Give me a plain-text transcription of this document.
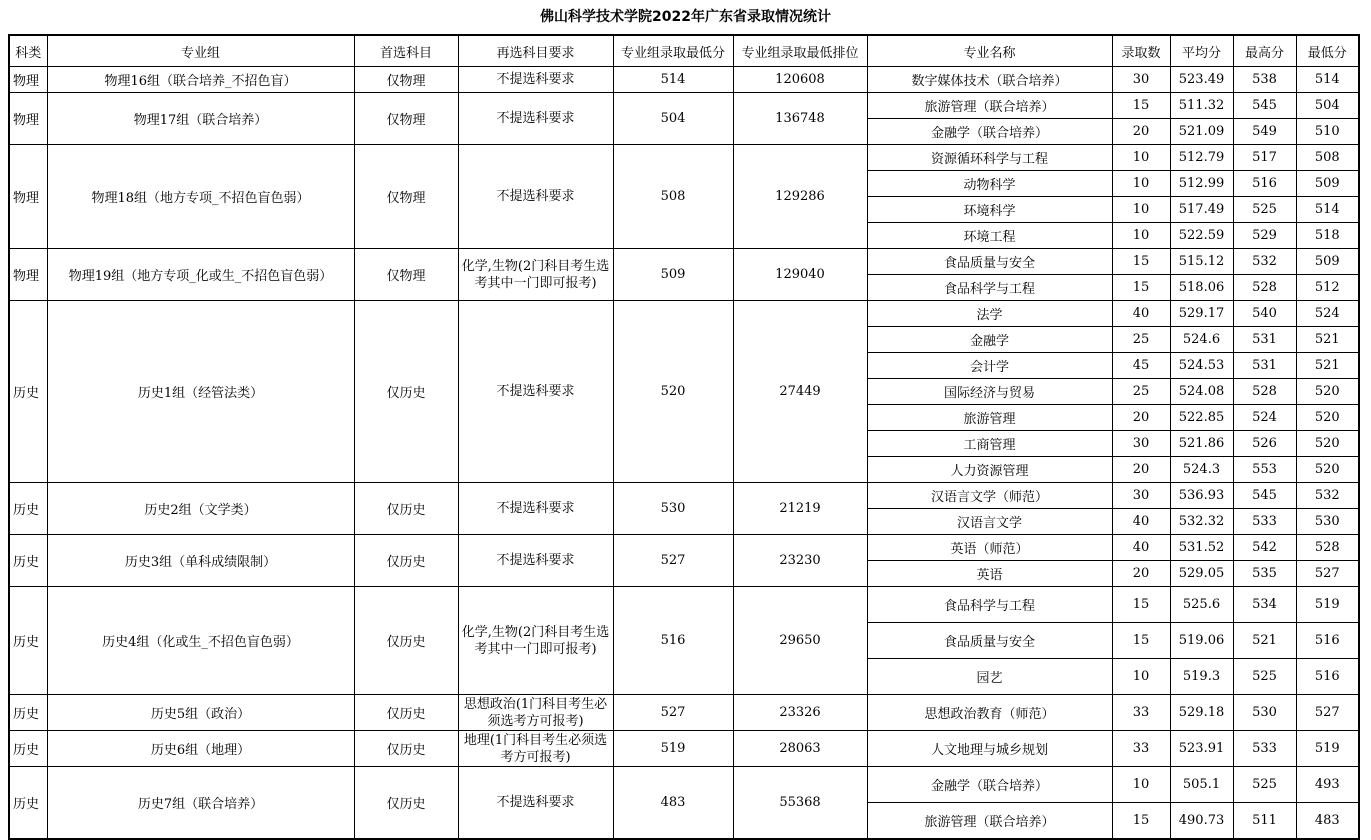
佛山科学技术学院2022年广东省录取情况统计
科类	专业组	首选科目	再选科目要求	专业组录取最低分	专业组录取最低排位	专业名称	录取数	平均分	最高分	最低分
物理	物理16组（联合培养_不招色盲）	仅物理	不提选科要求	514	120608	数字媒体技术（联合培养）	30	523.49	538	514
物理	物理17组（联合培养）	仅物理	不提选科要求	504	136748	旅游管理（联合培养）	15	511.32	545	504
						金融学（联合培养）	20	521.09	549	510
物理	物理18组（地方专项_不招色盲色弱）	仅物理	不提选科要求	508	129286	资源循环科学与工程	10	512.79	517	508
						动物科学	10	512.99	516	509
						环境科学	10	517.49	525	514
						环境工程	10	522.59	529	518
物理	物理19组（地方专项_化或生_不招色盲色弱）	仅物理	化学,生物(2门科目考生选考其中一门即可报考)	509	129040	食品质量与安全	15	515.12	532	509
						食品科学与工程	15	518.06	528	512
历史	历史1组（经管法类）	仅历史	不提选科要求	520	27449	法学	40	529.17	540	524
						金融学	25	524.6	531	521
						会计学	45	524.53	531	521
						国际经济与贸易	25	524.08	528	520
						旅游管理	20	522.85	524	520
						工商管理	30	521.86	526	520
						人力资源管理	20	524.3	553	520
历史	历史2组（文学类）	仅历史	不提选科要求	530	21219	汉语言文学（师范）	30	536.93	545	532
						汉语言文学	40	532.32	533	530
历史	历史3组（单科成绩限制）	仅历史	不提选科要求	527	23230	英语（师范）	40	531.52	542	528
						英语	20	529.05	535	527
历史	历史4组（化或生_不招色盲色弱）	仅历史	化学,生物(2门科目考生选考其中一门即可报考)	516	29650	食品科学与工程	15	525.6	534	519
						食品质量与安全	15	519.06	521	516
						园艺	10	519.3	525	516
历史	历史5组（政治）	仅历史	思想政治(1门科目考生必须选考方可报考)	527	23326	思想政治教育（师范）	33	529.18	530	527
历史	历史6组（地理）	仅历史	地理(1门科目考生必须选考方可报考)	519	28063	人文地理与城乡规划	33	523.91	533	519
历史	历史7组（联合培养）	仅历史	不提选科要求	483	55368	金融学（联合培养）	10	505.1	525	493
						旅游管理（联合培养）	15	490.73	511	483
